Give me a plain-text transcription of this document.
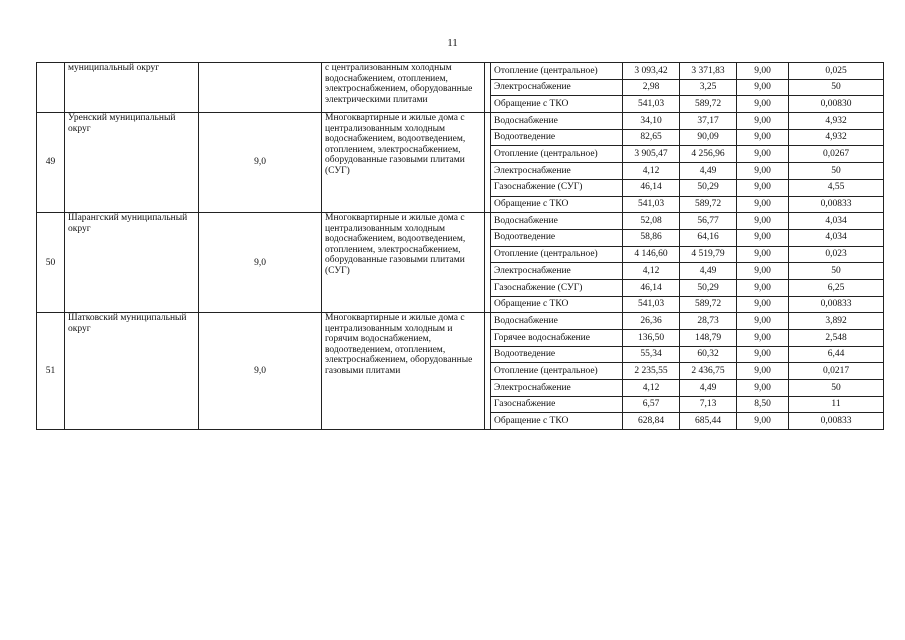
11
	муниципальный округ		с централизованным холодным водоснабжением, отоплением, электроснабжением, оборудованные электрическими плитами		Отопление (центральное)	3 093,42	3 371,83	9,00	0,025
					Электроснабжение	2,98	3,25	9,00	50
					Обращение с ТКО	541,03	589,72	9,00	0,00830
49	Уренский муниципальный округ	9,0	Многоквартирные и жилые дома с централизованным холодным водоснабжением, водоотведением, отоплением, электроснабжением, оборудованные газовыми плитами (СУГ)		Водоснабжение	34,10	37,17	9,00	4,932
					Водоотведение	82,65	90,09	9,00	4,932
					Отопление (центральное)	3 905,47	4 256,96	9,00	0,0267
					Электроснабжение	4,12	4,49	9,00	50
					Газоснабжение (СУГ)	46,14	50,29	9,00	4,55
					Обращение с ТКО	541,03	589,72	9,00	0,00833
50	Шарангский муниципальный округ	9,0	Многоквартирные и жилые дома с централизованным холодным водоснабжением, водоотведением, отоплением, электроснабжением, оборудованные газовыми плитами (СУГ)		Водоснабжение	52,08	56,77	9,00	4,034
					Водоотведение	58,86	64,16	9,00	4,034
					Отопление (центральное)	4 146,60	4 519,79	9,00	0,023
					Электроснабжение	4,12	4,49	9,00	50
					Газоснабжение (СУГ)	46,14	50,29	9,00	6,25
					Обращение с ТКО	541,03	589,72	9,00	0,00833
51	Шатковский муниципальный округ	9,0	Многоквартирные и жилые дома с централизованным холодным и горячим водоснабжением, водоотведением, отоплением, электроснабжением, оборудованные газовыми плитами		Водоснабжение	26,36	28,73	9,00	3,892
					Горячее водоснабжение	136,50	148,79	9,00	2,548
					Водоотведение	55,34	60,32	9,00	6,44
					Отопление (центральное)	2 235,55	2 436,75	9,00	0,0217
					Электроснабжение	4,12	4,49	9,00	50
					Газоснабжение	6,57	7,13	8,50	11
					Обращение с ТКО	628,84	685,44	9,00	0,00833
